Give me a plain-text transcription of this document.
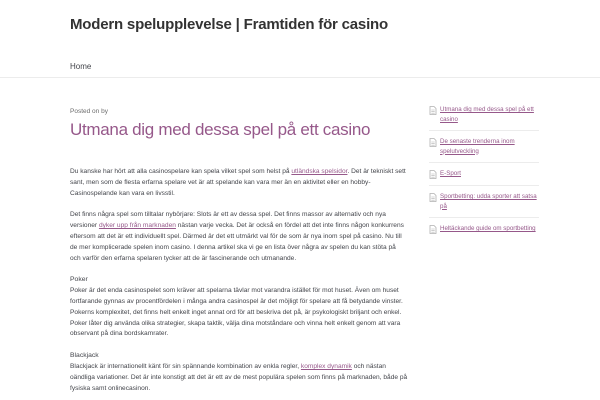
Modern spelupplevelse | Framtiden för casino
Home
Posted on by
Utmana dig med dessa spel på ett casino

Du kanske har hört att alla casinospelare kan spela vilket spel som helst på utländska spelsidor. Det är tekniskt sett sant, men som de flesta erfarna spelare vet är att spelande kan vara mer än en aktivitet eller en hobby- Casinospelande kan vara en livsstil.

Det finns några spel som tilltalar nybörjare: Slots är ett av dessa spel. Det finns massor av alternativ och nya versioner dyker upp från marknaden nästan varje vecka. Det är också en fördel att det inte finns någon konkurrens eftersom att det är ett individuellt spel. Därmed är det ett utmärkt val för de som är nya inom spel på casino. Nu till de mer komplicerade spelen inom casino. I denna artikel ska vi ge en lista över några av spelen du kan stöta på och varför den erfarna spelaren tycker att de är fascinerande och utmanande.

Poker

Poker är det enda casinospelet som kräver att spelarna tävlar mot varandra istället för mot huset. Även om huset fortfarande gynnas av procentfördelen i många andra casinospel är det möjligt för spelare att få betydande vinster. Pokerns komplexitet, det finns helt enkelt inget annat ord för att beskriva det på, är psykologiskt briljant och enkel. Poker låter dig använda olika strategier, skapa taktik, välja dina motståndare och vinna helt enkelt genom att vara observant på dina bordskamrater.

Blackjack

Blackjack är internationellt känt för sin spännande kombination av enkla regler, komplex dynamik och nästan oändliga variationer. Det är inte konstigt att det är ett av de mest populära spelen som finns på marknaden, både på fysiska samt onlinecasinon.

Utmana dig med dessa spel på ett casino
De senaste trenderna inom spelutveckling
E-Sport
Sportbetting: udda sporter att satsa på
Heltäckande guide om sportbetting
